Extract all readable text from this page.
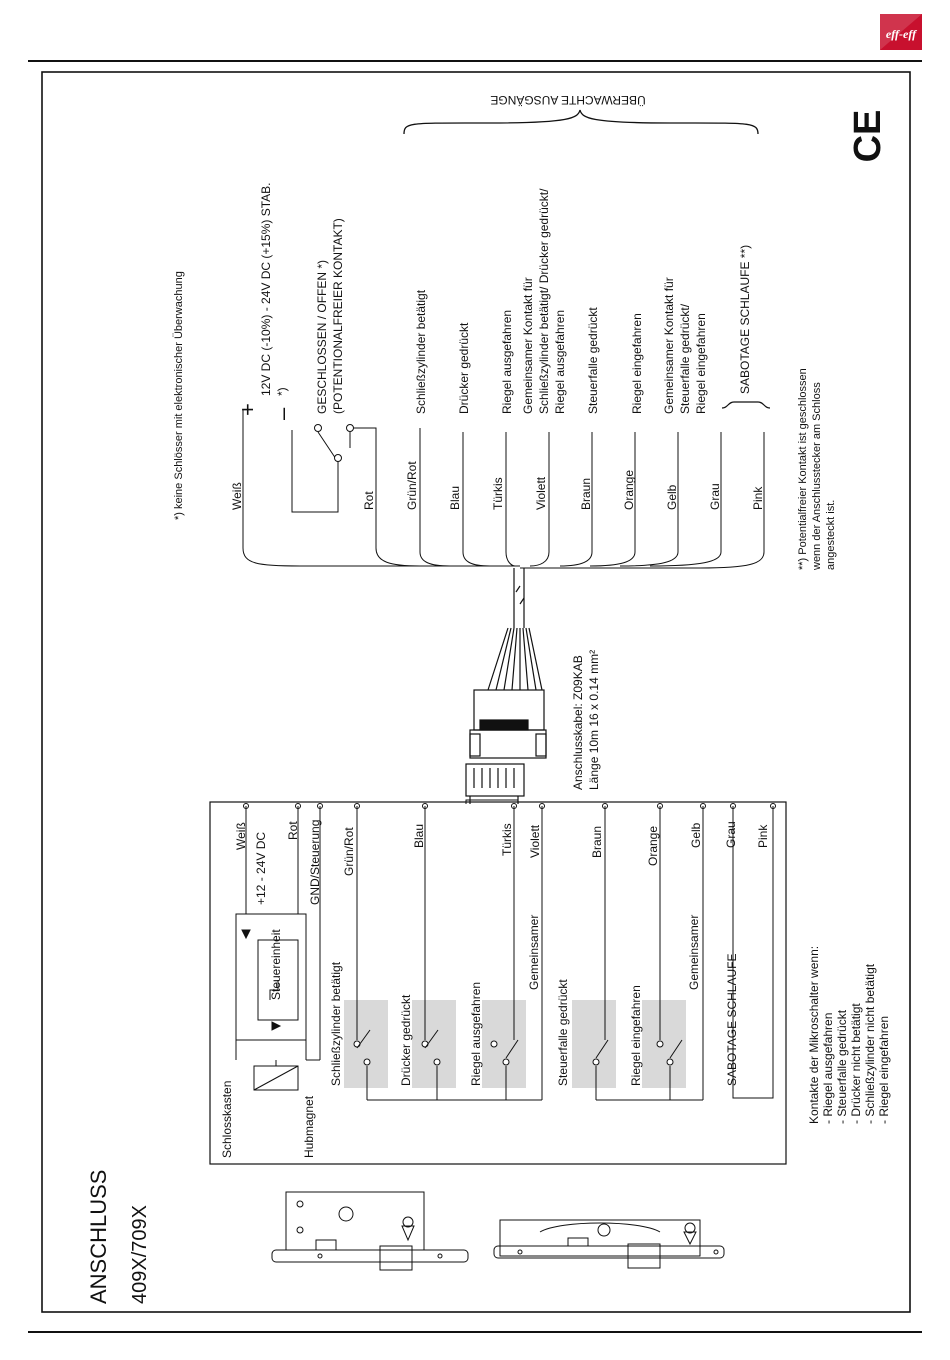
eff-eff
ÜBERWACHTE AUSGÄNGE
CE
*) keine Schlösser mit elektronischer Überwachung + –
12V DC (-10%) - 24V DC (+15%) STAB. *) GESCHLOSSEN / OFFEN *) (POTENTIONALFREIER KONTAKT)
Weiß	Rot Grün/Rot Blau Türkis Violett	Braun Orange Gelb Grau Pink
Schließzylinder betätigt Drücker gedrückt Riegel ausgefahren Gemeinsamer Kontakt für Schließzylinder betätigt/ Drücker gedrückt/ Riegel ausgefahren Steuerfalle gedrückt	Riegel eingefahren Gemeinsamer Kontakt für Steuerfalle gedrückt/ Riegel eingefahren	SABOTAGE SCHLAUFE **)
Anschlusskabel: Z09KAB Länge 10m 16 x 0.14 mm²
**) Potentialfreier Kontakt ist geschlossen wenn der Anschlusstecker am Schloss angesteckt ist.
Schlosskasten	Hubmagnet
Steuereinheit
+12 - 24V DC	GND/Steuerung
Weiß	Rot	Grün/Rot	Blau	Türkis Violett	Braun	Orange Gelb Grau Pink
Schließzylinder betätigt	Drücker gedrückt	Riegel ausgefahren
Gemeinsamer
Steuerfalle gedrückt	Riegel eingefahren
Gemeinsamer
SABOTAGE SCHLAUFE	Kontakte der Mikroschalter wenn: - Riegel ausgefahren - Steuerfalle gedrückt - Drücker nicht betätigt - Schließzylinder nicht betätigt - Riegel eingefahren
ANSCHLUSS 409X/709X
